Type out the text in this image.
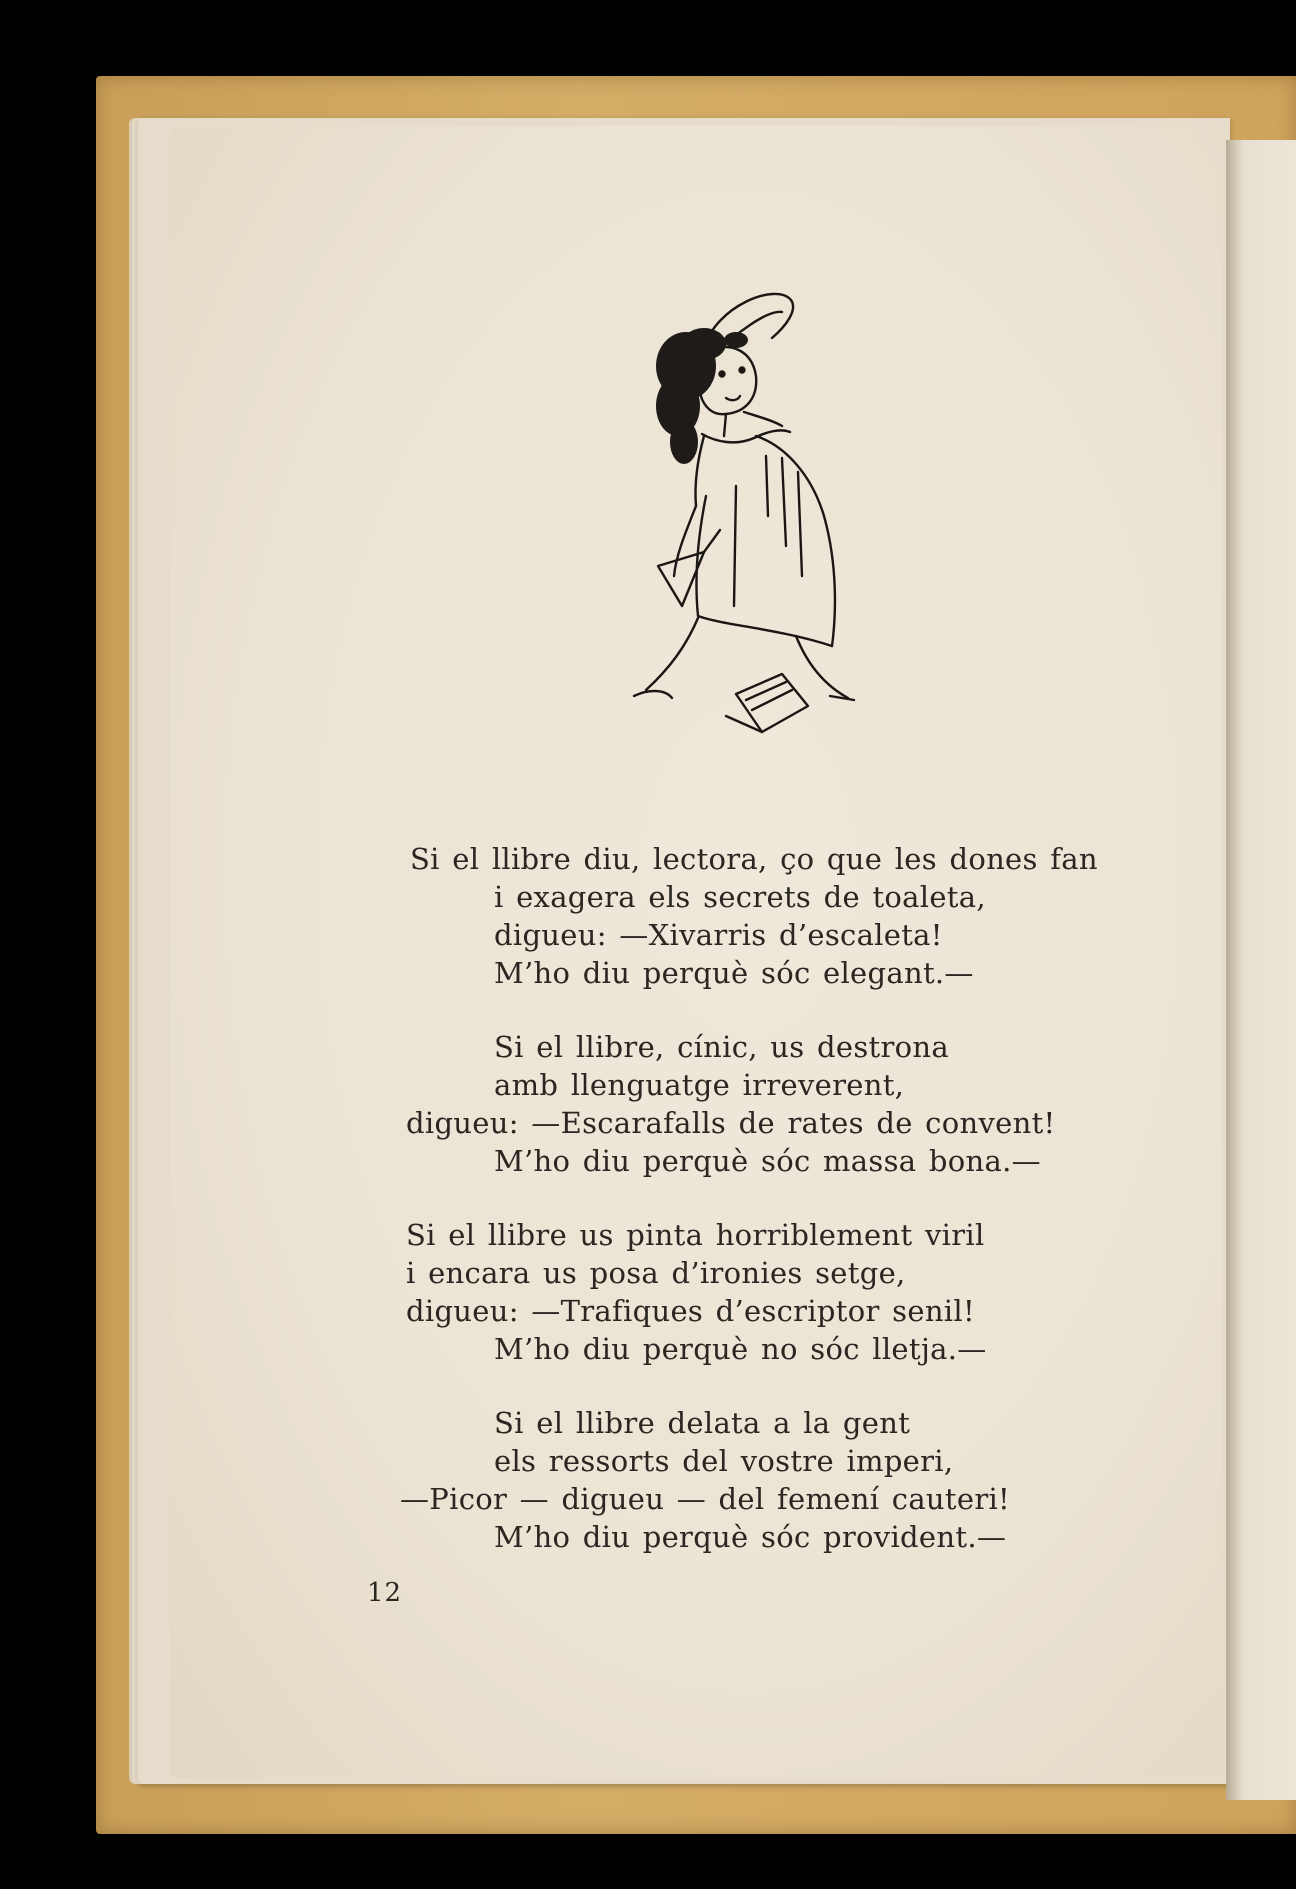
Si el llibre diu, lectora, ço que les dones fan
i exagera els secrets de toaleta,
digueu: —Xivarris d’escaleta!
M’ho diu perquè sóc elegant.—
Si el llibre, cínic, us destrona
amb llenguatge irreverent,
digueu: —Escarafalls de rates de convent!
M’ho diu perquè sóc massa bona.—
Si el llibre us pinta horriblement viril
i encara us posa d’ironies setge,
digueu: —Trafiques d’escriptor senil!
M’ho diu perquè no sóc lletja.—
Si el llibre delata a la gent
els ressorts del vostre imperi,
—Picor — digueu — del femení cauteri!
M’ho diu perquè sóc provident.—
12
